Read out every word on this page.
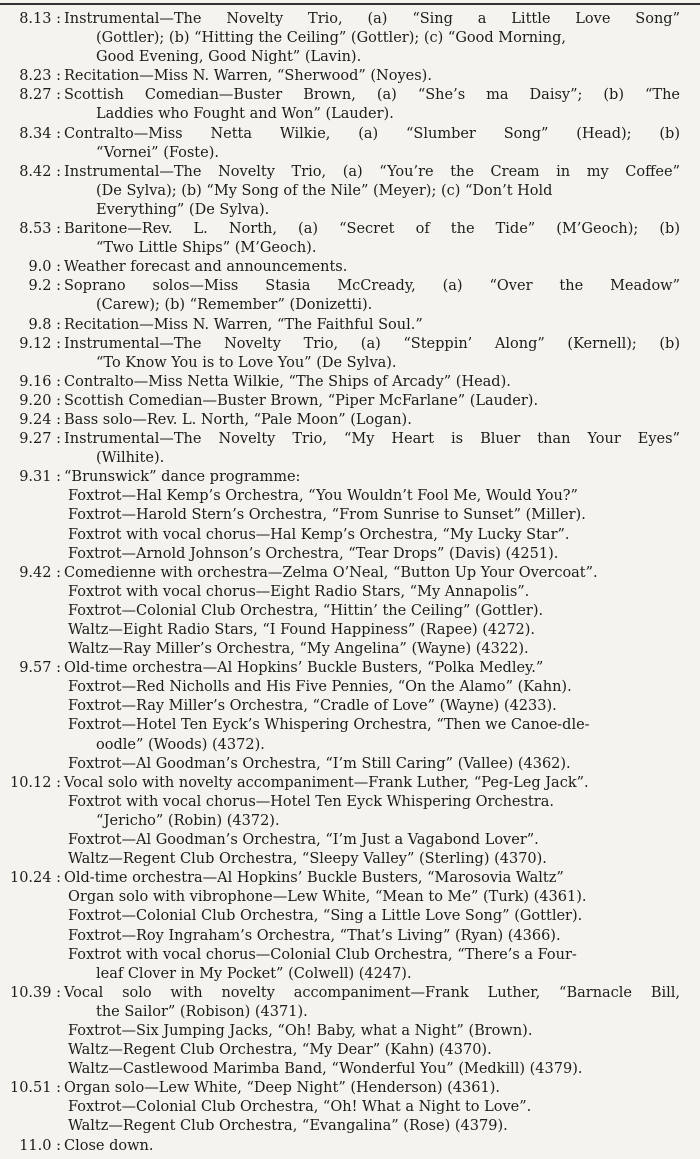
8.13 : Instrumental—The Novelty Trio, (a) “Sing a Little Love Song”
(Gottler); (b) “Hitting the Ceiling” (Gottler); (c) “Good Morning,
Good Evening, Good Night” (Lavin).
8.23 : Recitation—Miss N. Warren, “Sherwood” (Noyes).
8.27 : Scottish Comedian—Buster Brown, (a) “She’s ma Daisy”; (b) “The
Laddies who Fought and Won” (Lauder).
8.34 : Contralto—Miss Netta Wilkie, (a) “Slumber Song” (Head); (b)
“Vornei” (Foste).
8.42 : Instrumental—The Novelty Trio, (a) “You’re the Cream in my Coffee”
(De Sylva); (b) “My Song of the Nile” (Meyer); (c) “Don’t Hold
Everything” (De Sylva).
8.53 : Baritone—Rev. L. North, (a) “Secret of the Tide” (M’Geoch); (b)
“Two Little Ships” (M’Geoch).
9.0 : Weather forecast and announcements.
9.2 : Soprano solos—Miss Stasia McCready, (a) “Over the Meadow”
(Carew); (b) “Remember” (Donizetti).
9.8 : Recitation—Miss N. Warren, “The Faithful Soul.”
9.12 : Instrumental—The Novelty Trio, (a) “Steppin’ Along” (Kernell); (b)
“To Know You is to Love You” (De Sylva).
9.16 : Contralto—Miss Netta Wilkie, “The Ships of Arcady” (Head).
9.20 : Scottish Comedian—Buster Brown, “Piper McFarlane” (Lauder).
9.24 : Bass solo—Rev. L. North, “Pale Moon” (Logan).
9.27 : Instrumental—The Novelty Trio, “My Heart is Bluer than Your Eyes”
(Wilhite).
9.31 : “Brunswick” dance programme:
Foxtrot—Hal Kemp’s Orchestra, “You Wouldn’t Fool Me, Would You?”
Foxtrot—Harold Stern’s Orchestra, “From Sunrise to Sunset” (Miller).
Foxtrot with vocal chorus—Hal Kemp’s Orchestra, “My Lucky Star”.
Foxtrot—Arnold Johnson’s Orchestra, “Tear Drops” (Davis) (4251).
9.42 : Comedienne with orchestra—Zelma O’Neal, “Button Up Your Overcoat”.
Foxtrot with vocal chorus—Eight Radio Stars, “My Annapolis”.
Foxtrot—Colonial Club Orchestra, “Hittin’ the Ceiling” (Gottler).
Waltz—Eight Radio Stars, “I Found Happiness” (Rapee) (4272).
Waltz—Ray Miller’s Orchestra, “My Angelina” (Wayne) (4322).
9.57 : Old-time orchestra—Al Hopkins’ Buckle Busters, “Polka Medley.”
Foxtrot—Red Nicholls and His Five Pennies, “On the Alamo” (Kahn).
Foxtrot—Ray Miller’s Orchestra, “Cradle of Love” (Wayne) (4233).
Foxtrot—Hotel Ten Eyck’s Whispering Orchestra, “Then we Canoe-dle-
oodle” (Woods) (4372).
Foxtrot—Al Goodman’s Orchestra, “I’m Still Caring” (Vallee) (4362).
10.12 : Vocal solo with novelty accompaniment—Frank Luther, “Peg-Leg Jack”.
Foxtrot with vocal chorus—Hotel Ten Eyck Whispering Orchestra.
“Jericho” (Robin) (4372).
Foxtrot—Al Goodman’s Orchestra, “I’m Just a Vagabond Lover”.
Waltz—Regent Club Orchestra, “Sleepy Valley” (Sterling) (4370).
10.24 : Old-time orchestra—Al Hopkins’ Buckle Busters, “Marosovia Waltz”
Organ solo with vibrophone—Lew White, “Mean to Me” (Turk) (4361).
Foxtrot—Colonial Club Orchestra, “Sing a Little Love Song” (Gottler).
Foxtrot—Roy Ingraham’s Orchestra, “That’s Living” (Ryan) (4366).
Foxtrot with vocal chorus—Colonial Club Orchestra, “There’s a Four-
leaf Clover in My Pocket” (Colwell) (4247).
10.39 : Vocal solo with novelty accompaniment—Frank Luther, “Barnacle Bill,
the Sailor” (Robison) (4371).
Foxtrot—Six Jumping Jacks, “Oh! Baby, what a Night” (Brown).
Waltz—Regent Club Orchestra, “My Dear” (Kahn) (4370).
Waltz—Castlewood Marimba Band, “Wonderful You” (Medkill) (4379).
10.51 : Organ solo—Lew White, “Deep Night” (Henderson) (4361).
Foxtrot—Colonial Club Orchestra, “Oh! What a Night to Love”.
Waltz—Regent Club Orchestra, “Evangalina” (Rose) (4379).
11.0 : Close down.
